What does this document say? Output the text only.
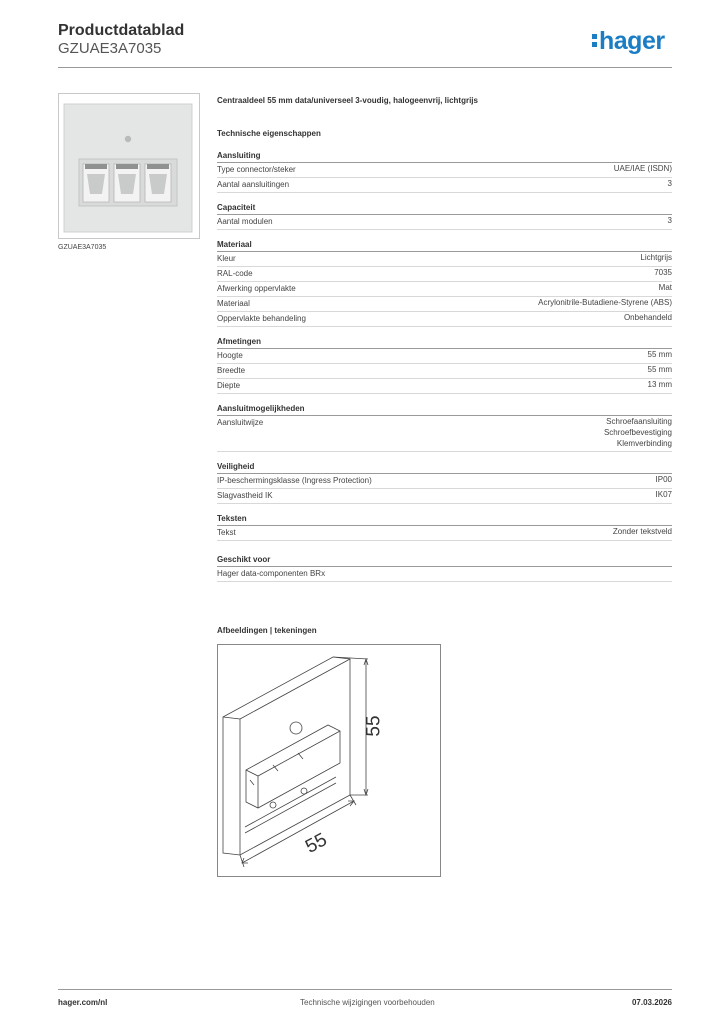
Productdatablad
GZUAE3A7035	hager
GZUAE3A7035
Centraaldeel 55 mm data/universeel 3-voudig, halogeenvrij, lichtgrijs
Technische eigenschappen
Aansluiting
Type connector/steker	UAE/IAE (ISDN)
Aantal aansluitingen	3
Capaciteit
Aantal modulen	3
Materiaal
Kleur	Lichtgrijs
RAL-code	7035
Afwerking oppervlakte	Mat
Materiaal	Acrylonitrile-Butadiene-Styrene (ABS)
Oppervlakte behandeling	Onbehandeld
Afmetingen
Hoogte	55 mm
Breedte	55 mm
Diepte	13 mm
Aansluitmogelijkheden
Aansluitwijze	Schroefaansluiting
Schroefbevestiging
Klemverbinding
Veiligheid
IP-beschermingsklasse (Ingress Protection)	IP00
Slagvastheid IK	IK07
Teksten
Tekst	Zonder tekstveld
Geschikt voor
Hager data-componenten BRx
Afbeeldingen | tekeningen
55
55
hager.com/nl	Technische wijzigingen voorbehouden	07.03.2026
